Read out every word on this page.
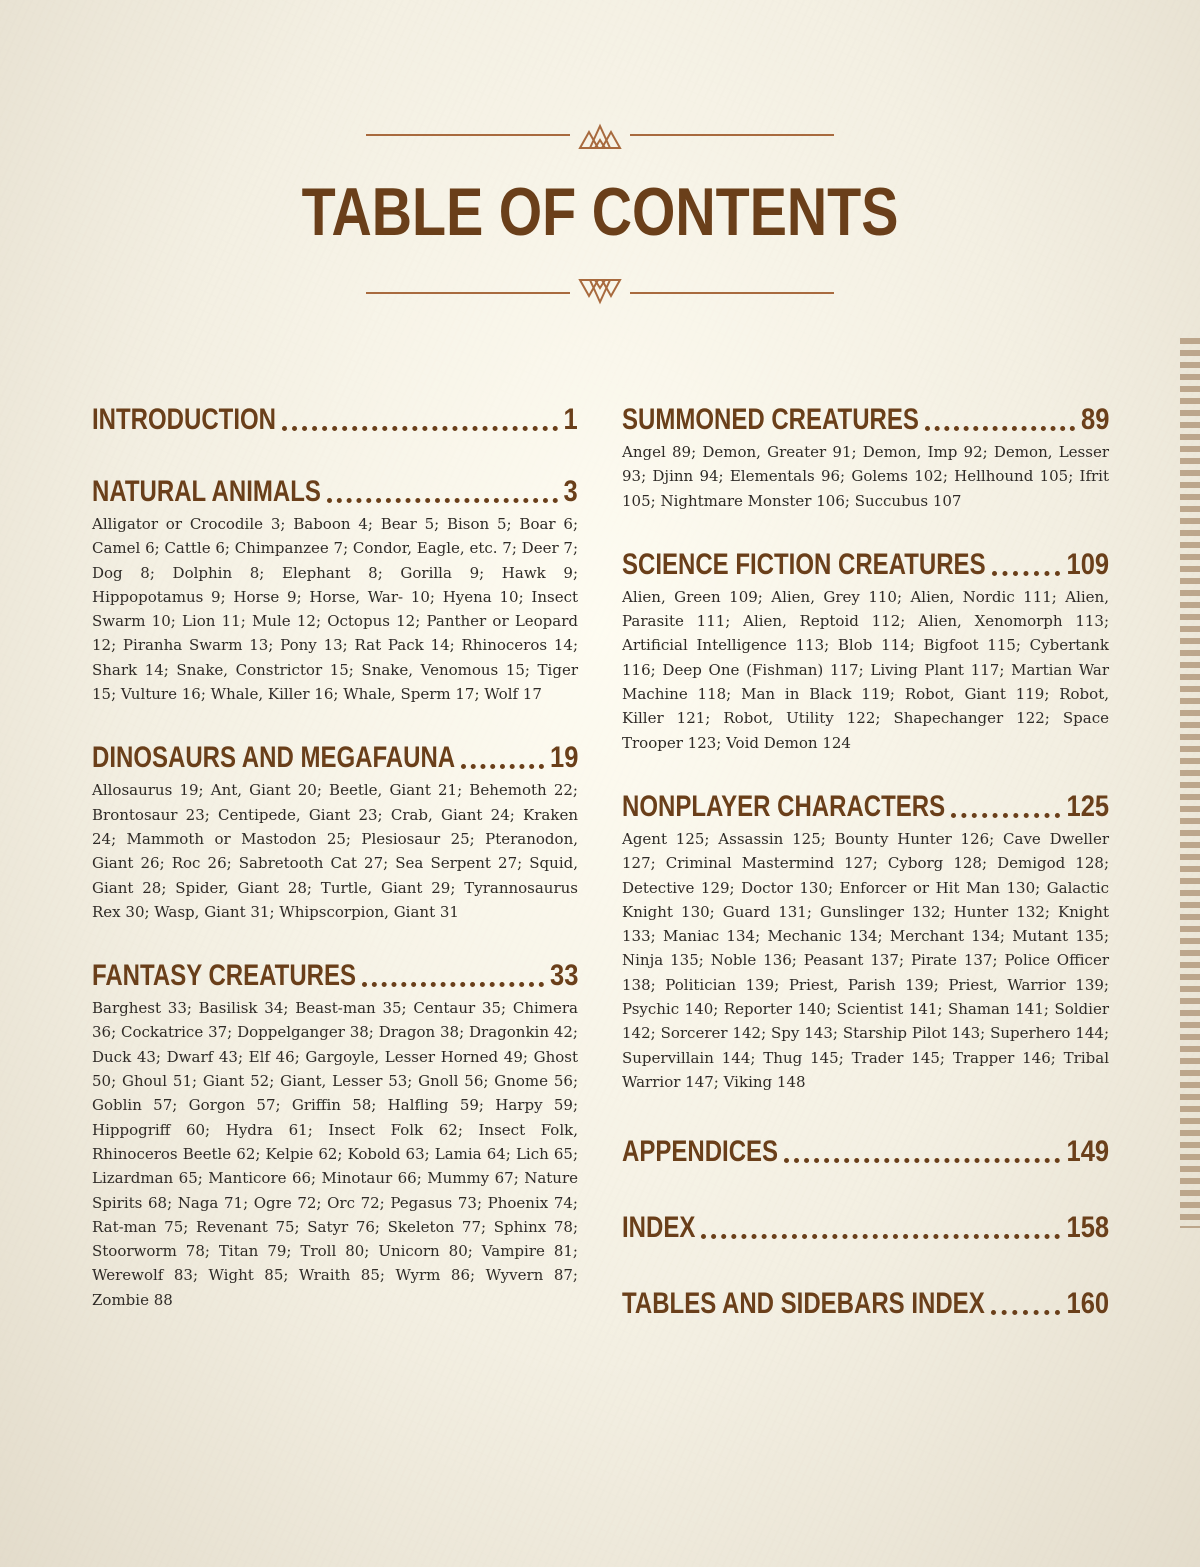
TABLE OF CONTENTS
INTRODUCTION	1
NATURAL ANIMALS	3

Alligator or Crocodile 3; Baboon 4; Bear 5; Bison 5; Boar 6; Camel 6; Cattle 6; Chimpanzee 7; Condor, Eagle, etc. 7; Deer 7; Dog 8; Dolphin 8; Elephant 8; Gorilla 9; Hawk 9; Hippopotamus 9; Horse 9; Horse, War- 10; Hyena 10; Insect Swarm 10; Lion 11; Mule 12; Octopus 12; Panther or Leopard 12; Piranha Swarm 13; Pony 13; Rat Pack 14; Rhinoceros 14; Shark 14; Snake, Constrictor 15; Snake, Venomous 15; Tiger 15; Vulture 16; Whale, Killer 16; Whale, Sperm 17; Wolf 17

DINOSAURS AND MEGAFAUNA	19

Allosaurus 19; Ant, Giant 20; Beetle, Giant 21; Behemoth 22; Brontosaur 23; Centipede, Giant 23; Crab, Giant 24; Kraken 24; Mammoth or Mastodon 25; Plesiosaur 25; Pteranodon, Giant 26; Roc 26; Sabretooth Cat 27; Sea Serpent 27; Squid, Giant 28; Spider, Giant 28; Turtle, Giant 29; Tyrannosaurus Rex 30; Wasp, Giant 31; Whipscorpion, Giant 31

FANTASY CREATURES	33

Barghest 33; Basilisk 34; Beast-man 35; Centaur 35; Chimera 36; Cockatrice 37; Doppelganger 38; Dragon 38; Dragonkin 42; Duck 43; Dwarf 43; Elf 46; Gargoyle, Lesser Horned 49; Ghost 50; Ghoul 51; Giant 52; Giant, Lesser 53; Gnoll 56; Gnome 56; Goblin 57; Gorgon 57; Griffin 58; Halfling 59; Harpy 59; Hippogriff 60; Hydra 61; Insect Folk 62; Insect Folk, Rhinoceros Beetle 62; Kelpie 62; Kobold 63; Lamia 64; Lich 65; Lizardman 65; Manticore 66; Minotaur 66; Mummy 67; Nature Spirits 68; Naga 71; Ogre 72; Orc 72; Pegasus 73; Phoenix 74; Rat-man 75; Revenant 75; Satyr 76; Skeleton 77; Sphinx 78; Stoorworm 78; Titan 79; Troll 80; Unicorn 80; Vampire 81; Werewolf 83; Wight 85; Wraith 85; Wyrm 86; Wyvern 87; Zombie 88

SUMMONED CREATURES	89

Angel 89; Demon, Greater 91; Demon, Imp 92; Demon, Lesser 93; Djinn 94; Elementals 96; Golems 102; Hellhound 105; Ifrit 105; Nightmare Monster 106; Succubus 107

SCIENCE FICTION CREATURES	109

Alien, Green 109; Alien, Grey 110; Alien, Nordic 111; Alien, Parasite 111; Alien, Reptoid 112; Alien, Xenomorph 113; Artificial Intelligence 113; Blob 114; Bigfoot 115; Cybertank 116; Deep One (Fishman) 117; Living Plant 117; Martian War Machine 118; Man in Black 119; Robot, Giant 119; Robot, Killer 121; Robot, Utility 122; Shapechanger 122; Space Trooper 123; Void Demon 124

NONPLAYER CHARACTERS	125

Agent 125; Assassin 125; Bounty Hunter 126; Cave Dweller 127; Criminal Mastermind 127; Cyborg 128; Demigod 128; Detective 129; Doctor 130; Enforcer or Hit Man 130; Galactic Knight 130; Guard 131; Gunslinger 132; Hunter 132; Knight 133; Maniac 134; Mechanic 134; Merchant 134; Mutant 135; Ninja 135; Noble 136; Peasant 137; Pirate 137; Police Officer 138; Politician 139; Priest, Parish 139; Priest, Warrior 139; Psychic 140; Reporter 140; Scientist 141; Shaman 141; Soldier 142; Sorcerer 142; Spy 143; Starship Pilot 143; Superhero 144; Supervillain 144; Thug 145; Trader 145; Trapper 146; Tribal Warrior 147; Viking 148

APPENDICES	149
INDEX	158
TABLES AND SIDEBARS INDEX	160
